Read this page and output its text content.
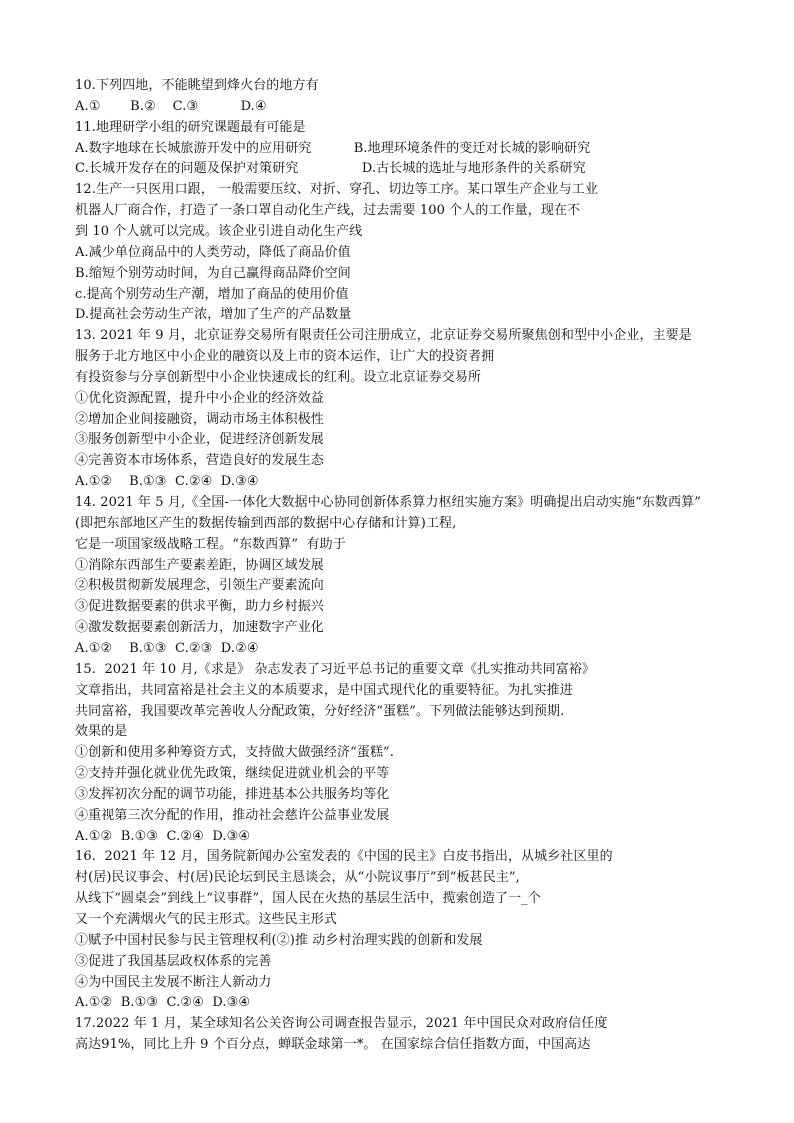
10.下列四地，不能眺望到烽火台的地方有
A.①       B.②    C.③          D.④
11.地理研学小组的研究课题最有可能是
A.数字地球在长城旅游开发中的应用研究          B.地理环境条件的变迁对长城的影响研究
C.长城开发存在的问题及保护对策研究               D.古长城的选址与地形条件的关系研究
12.生产一只医用口跟， 一般需要压纹、对折、穿孔、切边等工序。某口罩生产企业与工业
机器人厂商合作，打造了一条口罩自动化生产线，过去需要 100 个人的工作量，现在不
到 10 个人就可以完成。该企业引进自动化生产线
A.减少单位商品中的人类劳动，降低了商品价值
B.缩短个别劳动时间，为自己赢得商品降价空间
c.提高个别劳动生产潮，增加了商品的使用价值
D.提高社会劳动生产浓，增加了生产的产品数量
13. 2021 年 9 月，北京证券交易所有限责任公司注册成立，北京证券交易所聚焦创和型中小企业，主要是
服务于北方地区中小企业的融资以及上市的资本运作，让广大的投资者拥
有投资参与分享创新型中小企业快速成长的红利。设立北京证券交易所
①优化资源配置，提升中小企业的经济效益
②增加企业间接融资，调动市场主体积极性
③服务创新型中小企业，促进经济创新发展
④完善资本市场体系，营造良好的发展生态
A.①②    B.①③  C.②④  D.③④
14. 2021 年 5 月,《全国-一体化大数据中心协同创新体系算力枢纽实施方案》明确提出启动实施“东数西算”
(即把东部地区产生的数据传输到西部的数据中心存储和计算)工程,
它是一项国家级战略工程。“东数西算”  有助于
①消除东西部生产要素差距，协调区域发展
②积极贯彻新发展理念，引领生产要素流向
③促进数据要素的供求平衡，助力乡村振兴
④激发数据要素创新活力，加速数字产业化
A.①②    B.①③  C.②③  D.②④
15.  2021 年 10 月,《求是》 杂志发表了习近平总书记的重要文章《扎实推动共同富裕》
文章指出，共同富裕是社会主义的本质要求，是中国式现代化的重要特征。为扎实推进
共同富裕，我国要改革完善收人分配政策，分好经济“蛋糕”。下列做法能够达到预期.
效果的是
①创新和使用多种筹资方式，支持做大做强经济“蛋糕”.
②支持并强化就业优先政策，继续促进就业机会的平等
③发挥初次分配的调节功能，排进基本公共服务均等化
④重视第三次分配的作用，推动社会慈许公益事业发展
A.①②  B.①③  C.②④  D.③④
16.  2021 年 12 月，国务院新闻办公室发表的《中国的民主》白皮书指出，从城乡社区里的
村(居)民议事会、村(居)民论坛到民主恳谈会，从“小院议事厅”到“板甚民主”,
从线下“圆桌会”到线上“议事群”，国人民在火热的基层生活中，揽索创造了一_个
又一个充满烟火气的民主形式。这些民主形式
①赋予中国村民参与民主管理权利(②)推 动乡村治理实践的创新和发展
③促进了我国基层政权体系的完善
④为中国民主发展不断注人新动力
A.①②  B.①③  C.②④  D.③④
17.2022 年 1 月，某全球知名公关咨询公司调查报告显示，2021 年中国民众对政府信任度
高达91%，同比上升 9 个百分点，蝉联金球第一*。 在国家综合信任指数方面，中国高达
